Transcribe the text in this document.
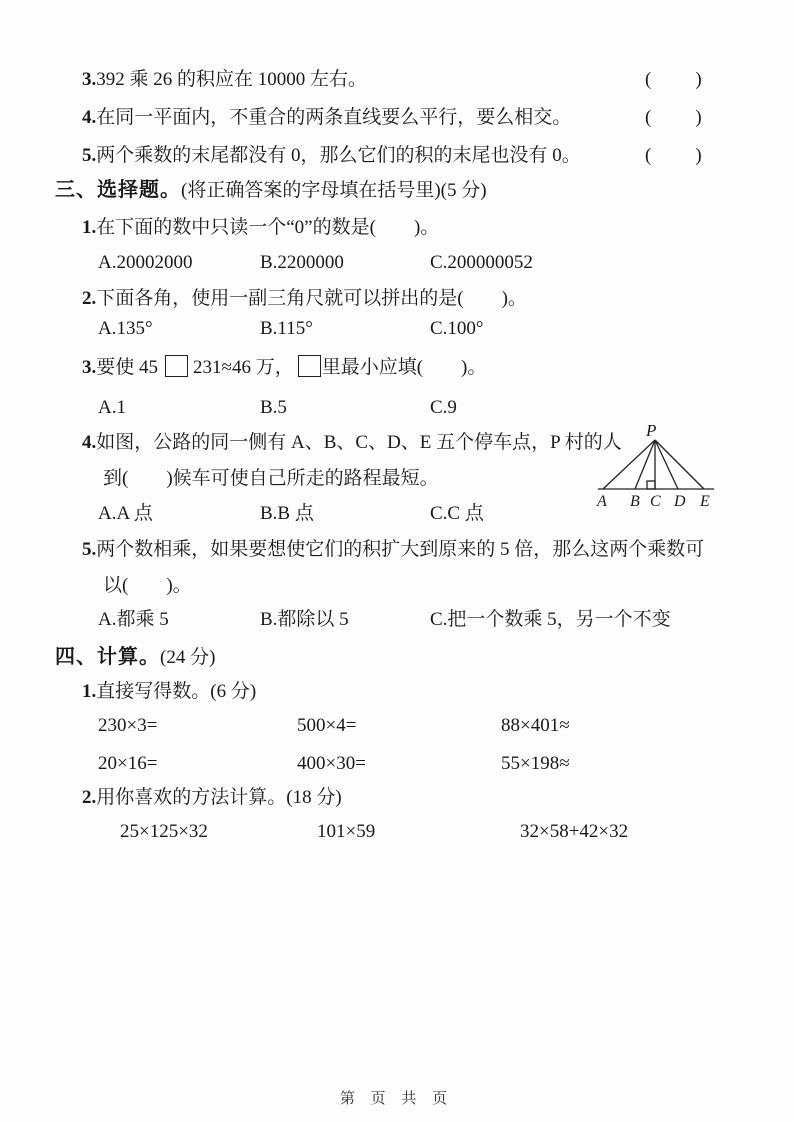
3.392 乘 26 的积应在 10000 左右。	(　　)
4.在同一平面内，不重合的两条直线要么平行，要么相交。	(　　)
5.两个乘数的末尾都没有 0，那么它们的积的末尾也没有 0。	(　　)
三、选择题。(将正确答案的字母填在括号里)(5 分)
1.在下面的数中只读一个“0”的数是(　　)。
A.20002000	B.2200000	C.200000052
2.下面各角，使用一副三角尺就可以拼出的是(　　)。
A.135°	B.115°	C.100°
3.要使 45 231≈46 万， 里最小应填(　　)。
A.1	B.5	C.9
4.如图，公路的同一侧有 A、B、C、D、E 五个停车点，P 村的人
到(　　)候车可使自己所走的路程最短。
A.A 点	B.B 点	C.C 点
P
A B C D E
5.两个数相乘，如果要想使它们的积扩大到原来的 5 倍，那么这两个乘数可
以(　　)。
A.都乘 5	B.都除以 5	C.把一个数乘 5，另一个不变
四、计算。(24 分)
1.直接写得数。(6 分)
230×3=	500×4=	88×401≈
20×16=	400×30=	55×198≈
2.用你喜欢的方法计算。(18 分)
25×125×32	101×59	32×58+42×32
第 页 共 页
